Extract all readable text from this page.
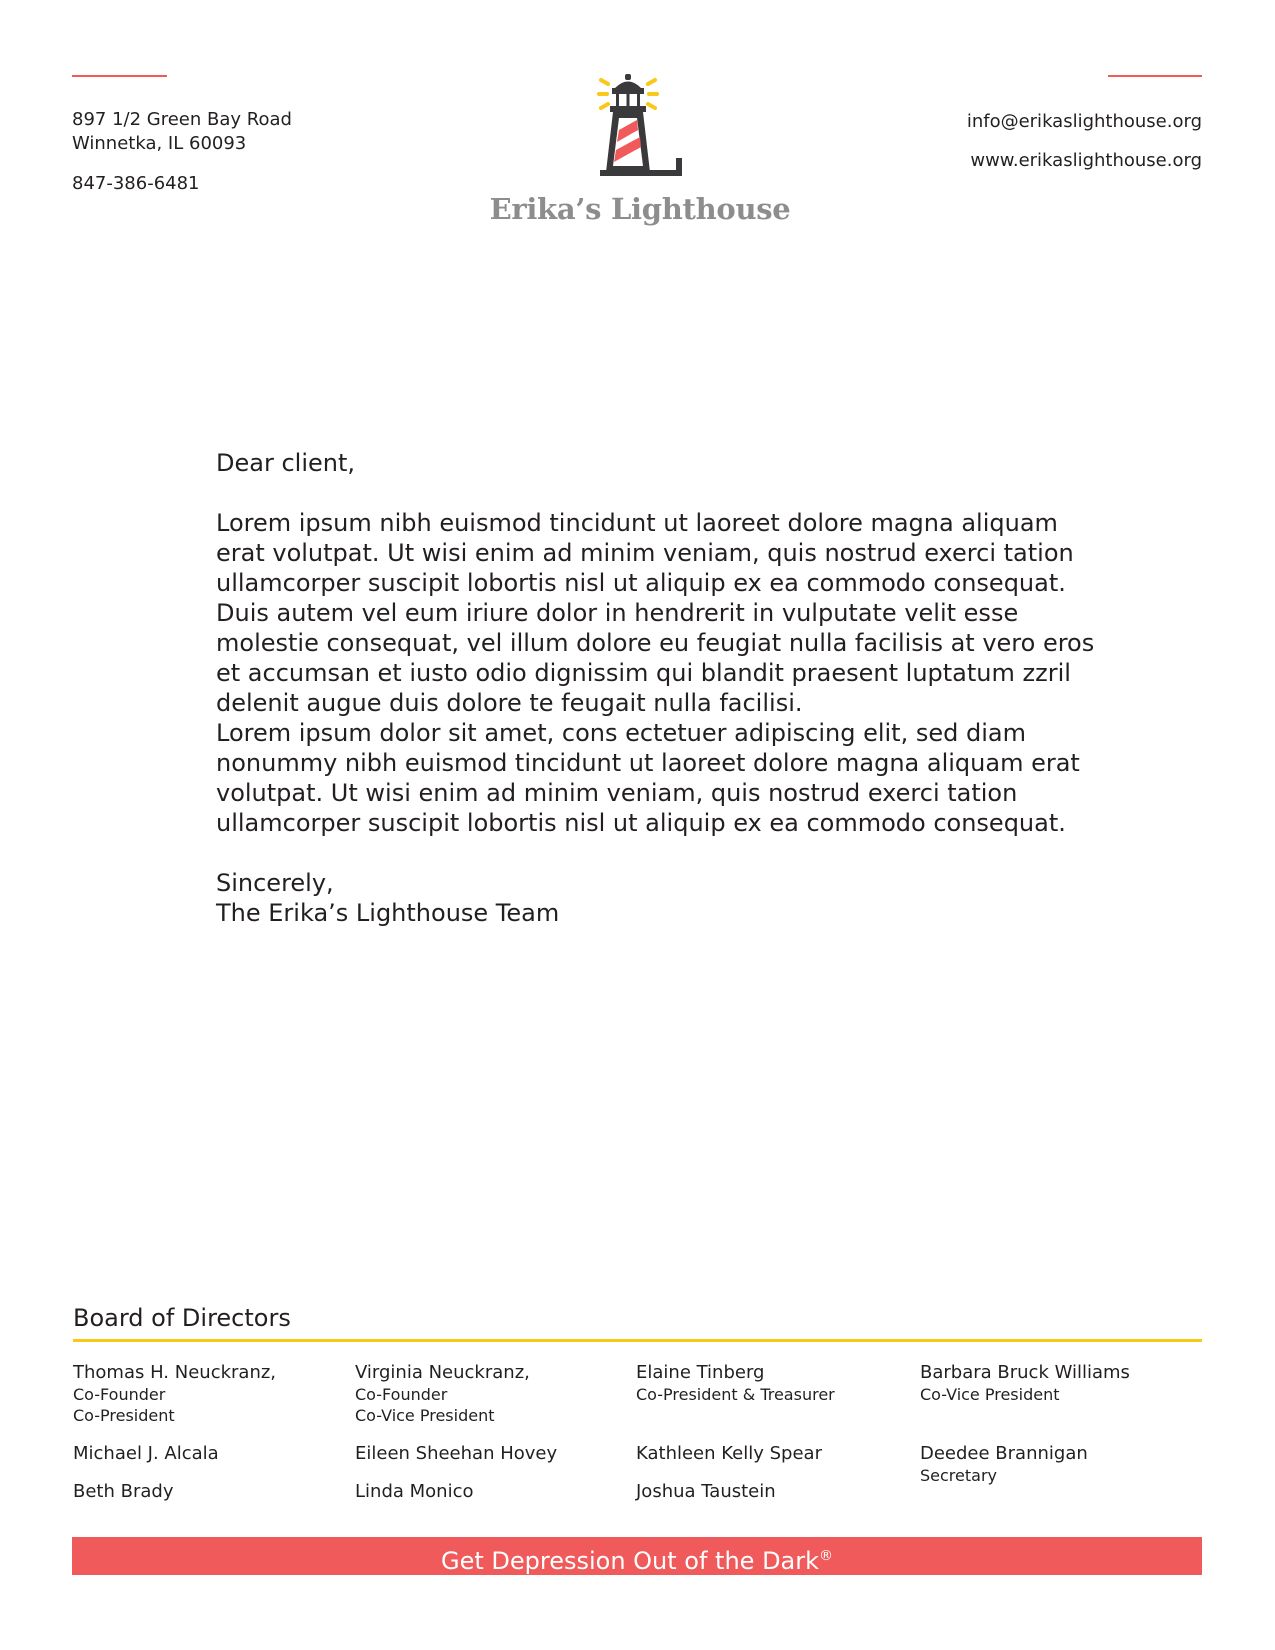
897 1/2 Green Bay Road
Winnetka, IL 60093
847-386-6481
info@erikaslighthouse.org
www.erikaslighthouse.org
Erika’s Lighthouse

Dear client,

Lorem ipsum nibh euismod tincidunt ut laoreet dolore magna aliquam erat volutpat. Ut wisi enim ad minim veniam, quis nostrud exerci tation ullamcorper suscipit lobortis nisl ut aliquip ex ea commodo consequat. Duis autem vel eum iriure dolor in hendrerit in vulputate velit esse molestie consequat, vel illum dolore eu feugiat nulla facilisis at vero eros et accumsan et iusto odio dignissim qui blandit praesent luptatum zzril delenit augue duis dolore te feugait nulla facilisi.

Lorem ipsum dolor sit amet, cons ectetuer adipiscing elit, sed diam nonummy nibh euismod tincidunt ut laoreet dolore magna aliquam erat volutpat. Ut wisi enim ad minim veniam, quis nostrud exerci tation ullamcorper suscipit lobortis nisl ut aliquip ex ea commodo consequat.

Sincerely,

The Erika’s Lighthouse Team

Board of Directors
Thomas H. Neuckranz,
Co-Founder
Co-President
Michael J. Alcala
Beth Brady
Virginia Neuckranz,
Co-Founder
Co-Vice President
Eileen Sheehan Hovey
Linda Monico
Elaine Tinberg
Co-President & Treasurer
Kathleen Kelly Spear
Joshua Taustein
Barbara Bruck Williams
Co-Vice President
Deedee Brannigan
Secretary
Get Depression Out of the Dark®
